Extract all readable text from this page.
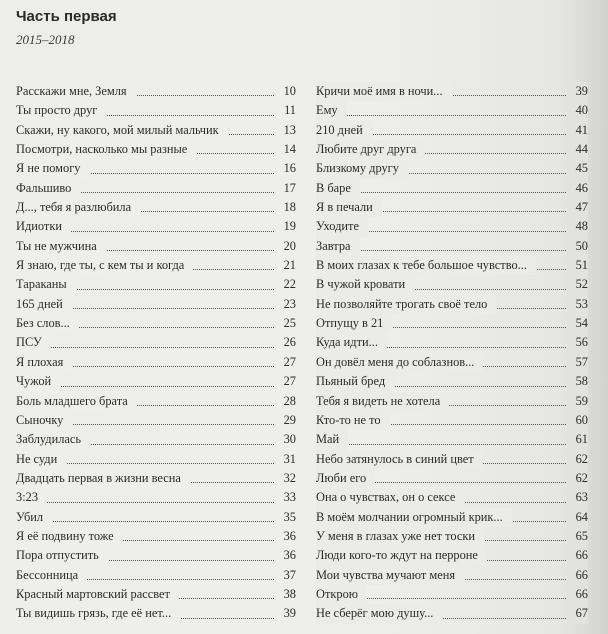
Часть первая
2015–2018
Расскажи мне, Земля	10
Ты просто друг	11
Скажи, ну какого, мой милый мальчик	13
Посмотри, насколько мы разные	14
Я не помогу	16
Фальшиво	17
Д..., тебя я разлюбила	18
Идиотки	19
Ты не мужчина	20
Я знаю, где ты, с кем ты и когда	21
Тараканы	22
165 дней	23
Без слов...	25
ПСУ	26
Я плохая	27
Чужой	27
Боль младшего брата	28
Сыночку	29
Заблудилась	30
Не суди	31
Двадцать первая в жизни весна	32
3:23	33
Убил	35
Я её подвину тоже	36
Пора отпустить	36
Бессонница	37
Красный мартовский рассвет	38
Ты видишь грязь, где её нет...	39
Кричи моё имя в ночи...	39
Ему	40
210 дней	41
Любите друг друга	44
Близкому другу	45
В баре	46
Я в печали	47
Уходите	48
Завтра	50
В моих глазах к тебе большое чувство...	51
В чужой кровати	52
Не позволяйте трогать своё тело	53
Отпущу в 21	54
Куда идти...	56
Он довёл меня до соблазнов...	57
Пьяный бред	58
Тебя я видеть не хотела	59
Кто-то не то	60
Май	61
Небо затянулось в синий цвет	62
Люби его	62
Она о чувствах, он о сексе	63
В моём молчании огромный крик...	64
У меня в глазах уже нет тоски	65
Люди кого-то ждут на перроне	66
Мои чувства мучают меня	66
Открою	66
Не сберёг мою душу...	67
